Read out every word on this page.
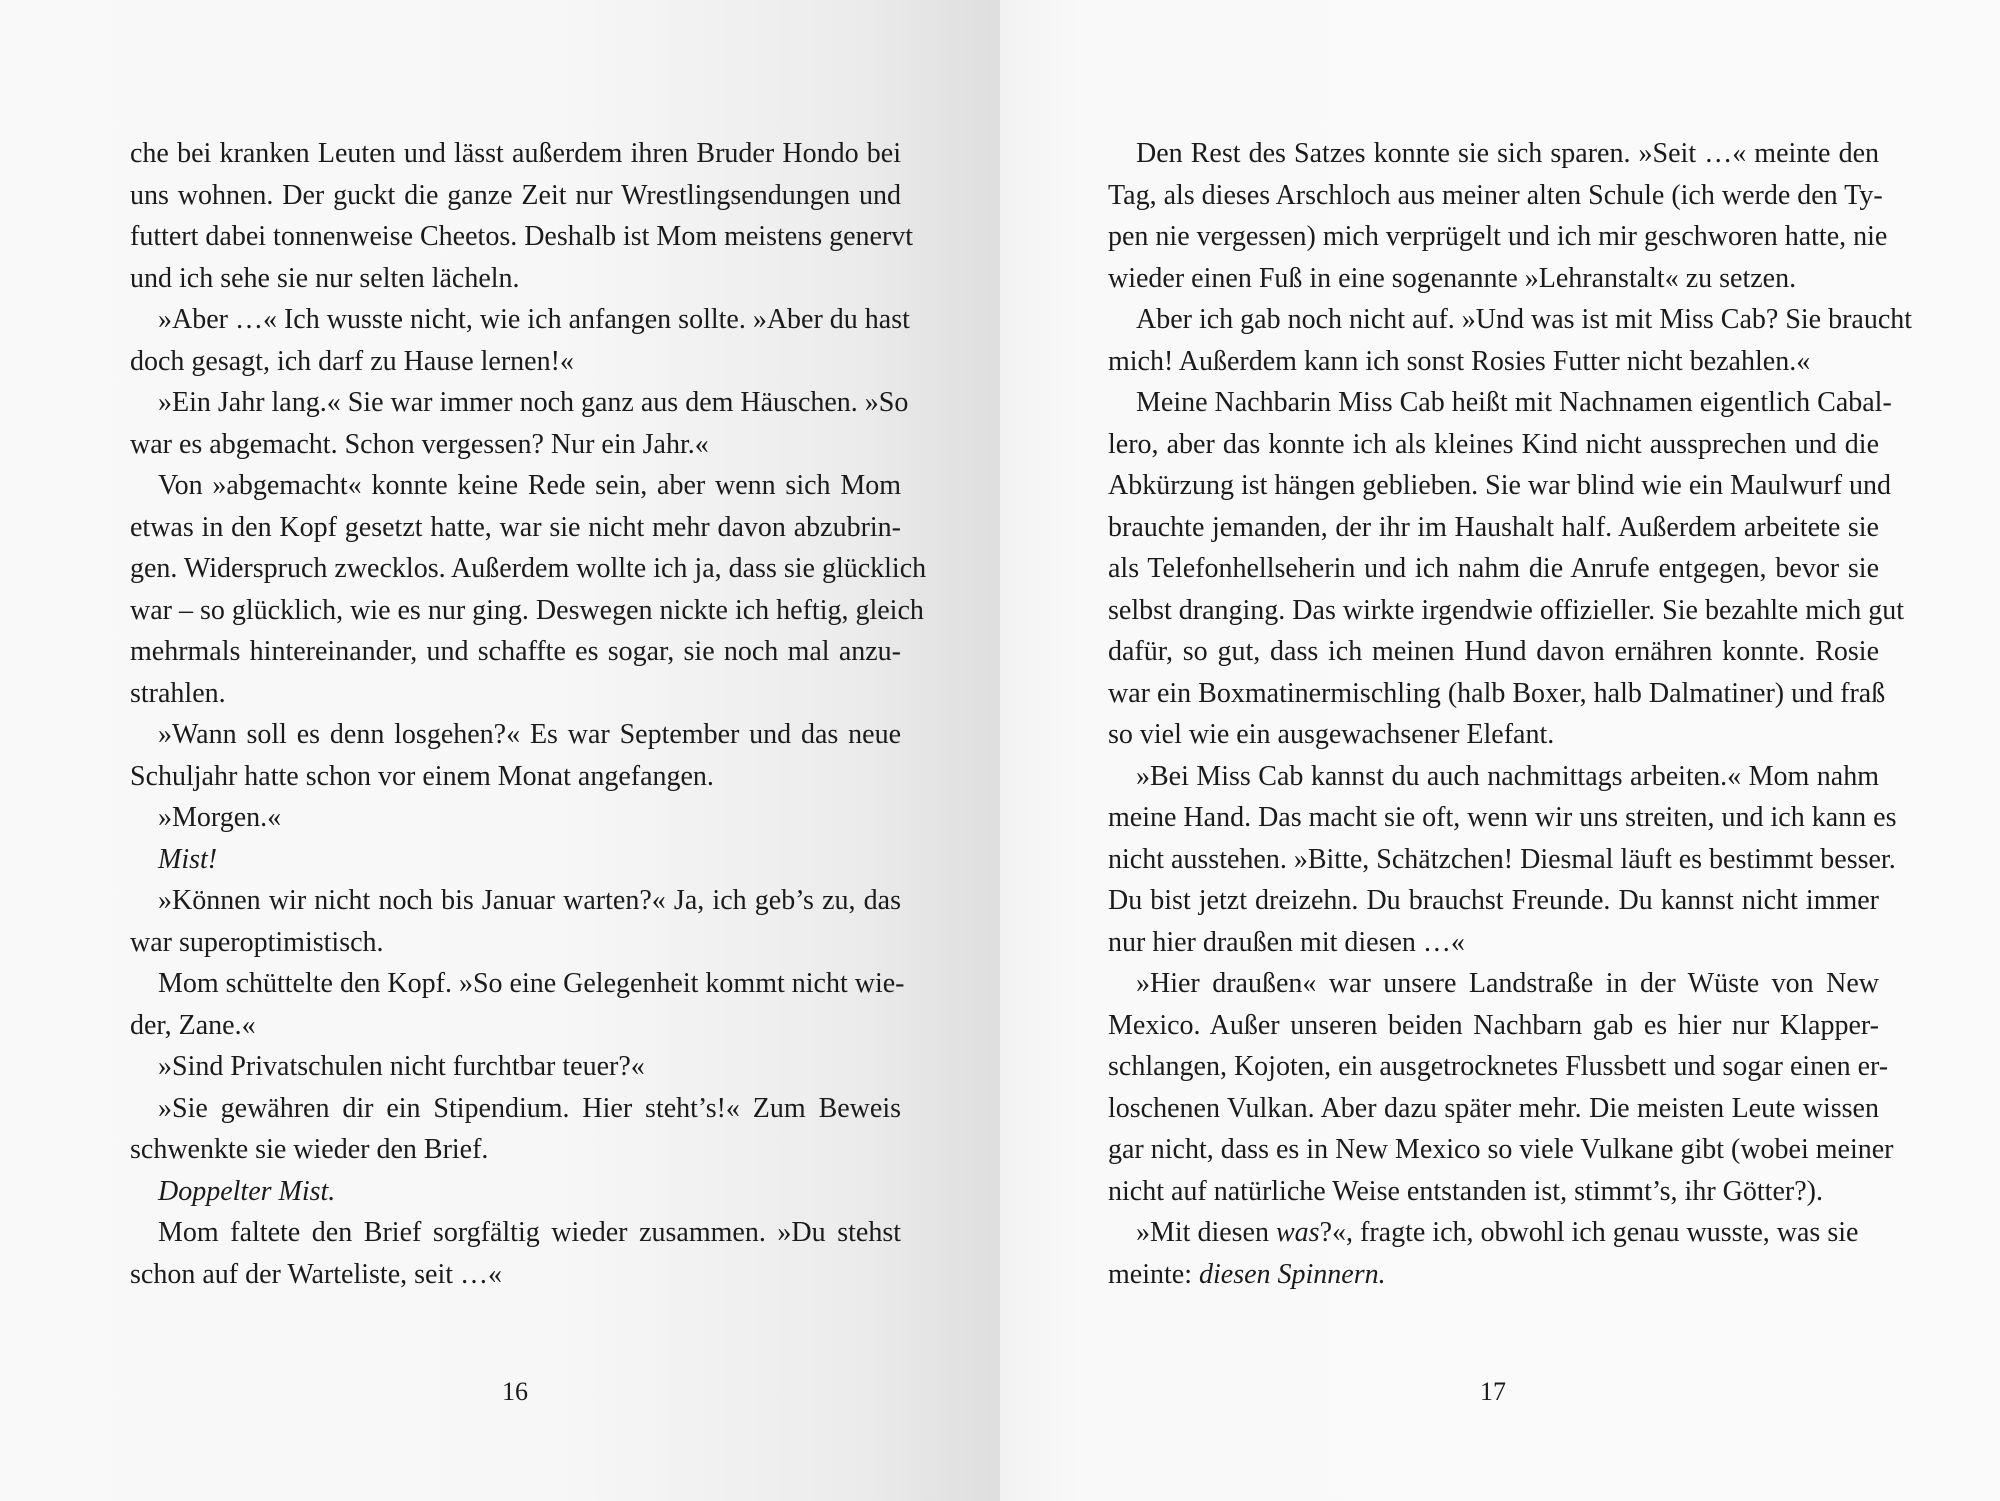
che bei kranken Leuten und lässt außerdem ihren Bruder Hondo bei
uns wohnen. Der guckt die ganze Zeit nur Wrestlingsendungen und
futtert dabei tonnenweise Cheetos. Deshalb ist Mom meistens genervt
und ich sehe sie nur selten lächeln.
»Aber …« Ich wusste nicht, wie ich anfangen sollte. »Aber du hast
doch gesagt, ich darf zu Hause lernen!«
»Ein Jahr lang.« Sie war immer noch ganz aus dem Häuschen. »So
war es abgemacht. Schon vergessen? Nur ein Jahr.«
Von »abgemacht« konnte keine Rede sein, aber wenn sich Mom
etwas in den Kopf gesetzt hatte, war sie nicht mehr davon abzubrin-
gen. Widerspruch zwecklos. Außerdem wollte ich ja, dass sie glücklich
war – so glücklich, wie es nur ging. Deswegen nickte ich heftig, gleich
mehrmals hintereinander, und schaffte es sogar, sie noch mal anzu-
strahlen.
»Wann soll es denn losgehen?« Es war September und das neue
Schuljahr hatte schon vor einem Monat angefangen.
»Morgen.«
Mist!
»Können wir nicht noch bis Januar warten?« Ja, ich geb’s zu, das
war superoptimistisch.
Mom schüttelte den Kopf. »So eine Gelegenheit kommt nicht wie-
der, Zane.«
»Sind Privatschulen nicht furchtbar teuer?«
»Sie gewähren dir ein Stipendium. Hier steht’s!« Zum Beweis
schwenkte sie wieder den Brief.
Doppelter Mist.
Mom faltete den Brief sorgfältig wieder zusammen. »Du stehst
schon auf der Warteliste, seit …«
16
Den Rest des Satzes konnte sie sich sparen. »Seit …« meinte den
Tag, als dieses Arschloch aus meiner alten Schule (ich werde den Ty-
pen nie vergessen) mich verprügelt und ich mir geschworen hatte, nie
wieder einen Fuß in eine sogenannte »Lehranstalt« zu setzen.
Aber ich gab noch nicht auf. »Und was ist mit Miss Cab? Sie braucht
mich! Außerdem kann ich sonst Rosies Futter nicht bezahlen.«
Meine Nachbarin Miss Cab heißt mit Nachnamen eigentlich Cabal-
lero, aber das konnte ich als kleines Kind nicht aussprechen und die
Abkürzung ist hängen geblieben. Sie war blind wie ein Maulwurf und
brauchte jemanden, der ihr im Haushalt half. Außerdem arbeitete sie
als Telefonhellseherin und ich nahm die Anrufe entgegen, bevor sie
selbst dranging. Das wirkte irgendwie offizieller. Sie bezahlte mich gut
dafür, so gut, dass ich meinen Hund davon ernähren konnte. Rosie
war ein Boxmatinermischling (halb Boxer, halb Dalmatiner) und fraß
so viel wie ein ausgewachsener Elefant.
»Bei Miss Cab kannst du auch nachmittags arbeiten.« Mom nahm
meine Hand. Das macht sie oft, wenn wir uns streiten, und ich kann es
nicht ausstehen. »Bitte, Schätzchen! Diesmal läuft es bestimmt besser.
Du bist jetzt dreizehn. Du brauchst Freunde. Du kannst nicht immer
nur hier draußen mit diesen …«
»Hier draußen« war unsere Landstraße in der Wüste von New
Mexico. Außer unseren beiden Nachbarn gab es hier nur Klapper-
schlangen, Kojoten, ein ausgetrocknetes Flussbett und sogar einen er-
loschenen Vulkan. Aber dazu später mehr. Die meisten Leute wissen
gar nicht, dass es in New Mexico so viele Vulkane gibt (wobei meiner
nicht auf natürliche Weise entstanden ist, stimmt’s, ihr Götter?).
»Mit diesen was?«, fragte ich, obwohl ich genau wusste, was sie
meinte: diesen Spinnern.
17
